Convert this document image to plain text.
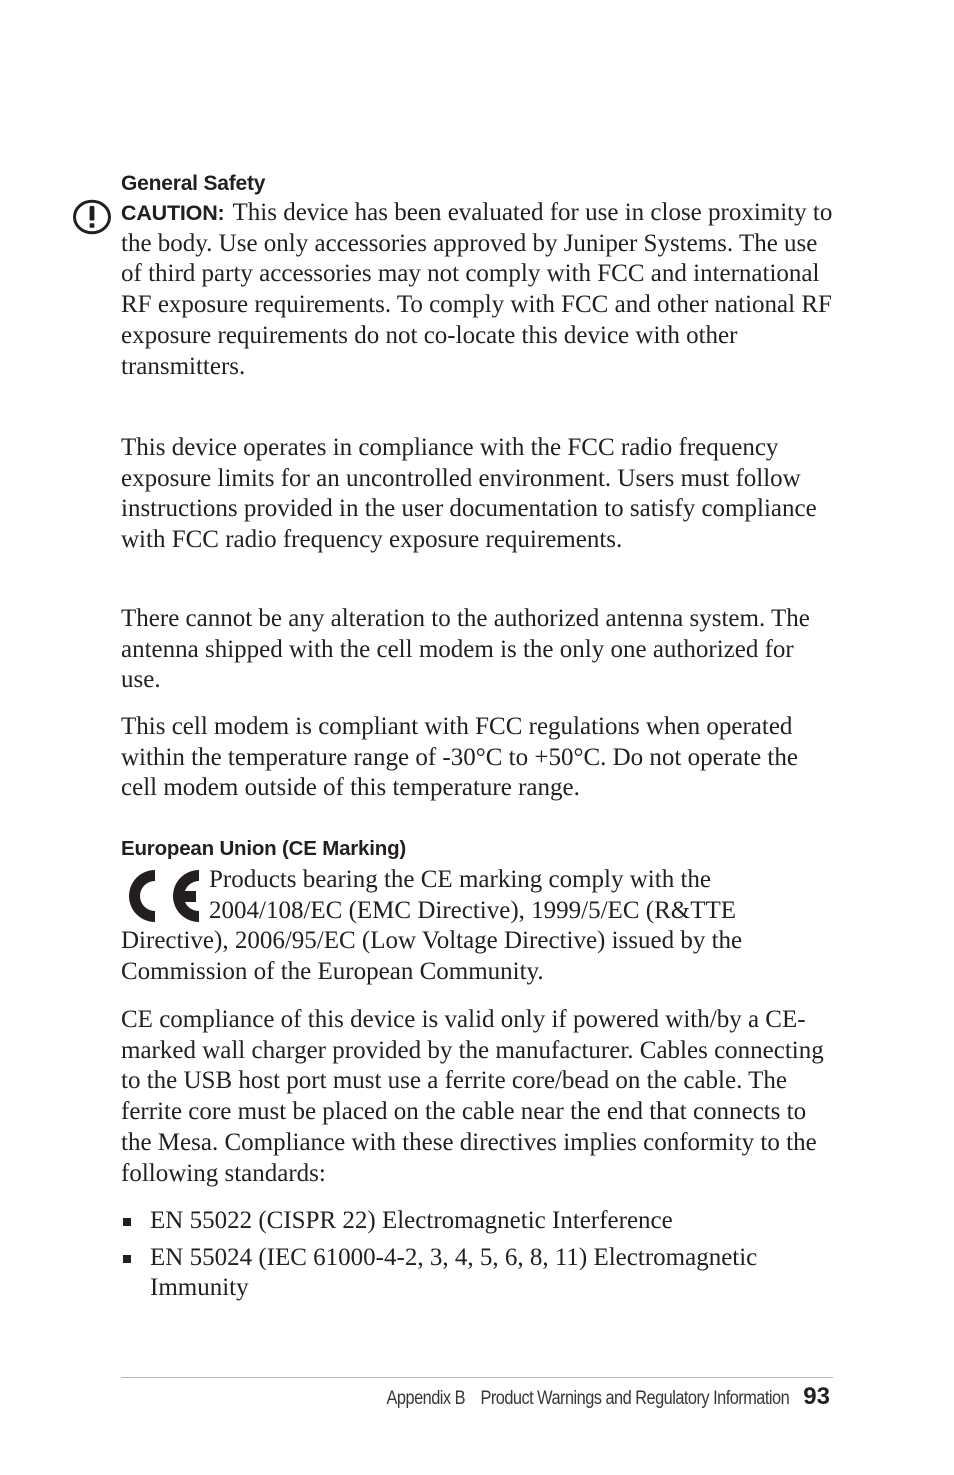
General Safety

CAUTION: This device has been evaluated for use in close proximity to the body. Use only accessories approved by Juniper Systems. The use of third party accessories may not comply with FCC and international RF exposure requirements. To comply with FCC and other national RF exposure requirements do not co-locate this device with other transmitters.

This device operates in compliance with the FCC radio frequency exposure limits for an uncontrolled environment. Users must follow instructions provided in the user documentation to satisfy compliance with FCC radio frequency exposure requirements.

There cannot be any alteration to the authorized antenna system. The antenna shipped with the cell modem is the only one authorized for use.

This cell modem is compliant with FCC regulations when operated within the temperature range of -30°C to +50°C. Do not operate the cell modem outside of this temperature range.

European Union (CE Marking)

Products bearing the CE marking comply with the 2004/108/EC (EMC Directive), 1999/5/EC (R&TTE Directive), 2006/95/EC (Low Voltage Directive) issued by the Commission of the European Community.

CE compliance of this device is valid only if powered with/by a CE-marked wall charger provided by the manufacturer. Cables connecting to the USB host port must use a ferrite core/bead on the cable. The ferrite core must be placed on the cable near the end that connects to the Mesa. Compliance with these directives implies conformity to the following standards:

EN 55022 (CISPR 22) Electromagnetic Interference
EN 55024 (IEC 61000-4-2, 3, 4, 5, 6, 8, 11) Electromagnetic Immunity
Appendix B Product Warnings and Regulatory Information 93
